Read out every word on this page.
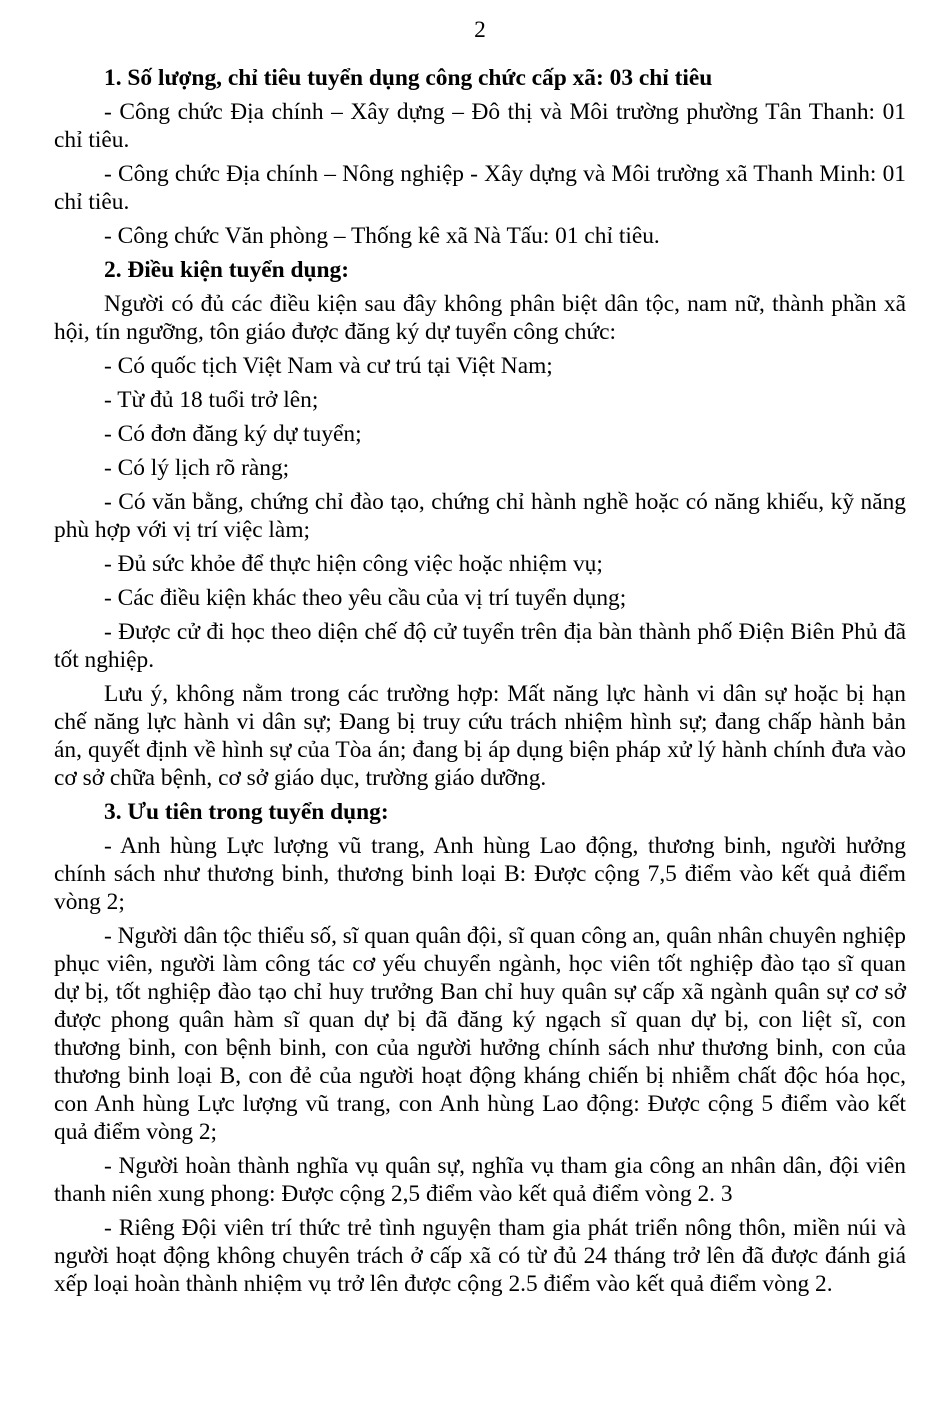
2

1. Số lượng, chỉ tiêu tuyển dụng công chức cấp xã: 03 chỉ tiêu

- Công chức Địa chính – Xây dựng – Đô thị và Môi trường phường Tân Thanh: 01 chỉ tiêu.

- Công chức Địa chính – Nông nghiệp - Xây dựng và Môi trường xã Thanh Minh: 01 chỉ tiêu.

- Công chức Văn phòng – Thống kê xã Nà Tấu: 01 chỉ tiêu.

2. Điều kiện tuyển dụng:

Người có đủ các điều kiện sau đây không phân biệt dân tộc, nam nữ, thành phần xã hội, tín ngưỡng, tôn giáo được đăng ký dự tuyển công chức:

- Có quốc tịch Việt Nam và cư trú tại Việt Nam;

- Từ đủ 18 tuổi trở lên;

- Có đơn đăng ký dự tuyển;

- Có lý lịch rõ ràng;

- Có văn bằng, chứng chỉ đào tạo, chứng chỉ hành nghề hoặc có năng khiếu, kỹ năng phù hợp với vị trí việc làm;

- Đủ sức khỏe để thực hiện công việc hoặc nhiệm vụ;

- Các điều kiện khác theo yêu cầu của vị trí tuyển dụng;

- Được cử đi học theo diện chế độ cử tuyển trên địa bàn thành phố Điện Biên Phủ đã tốt nghiệp.

Lưu ý, không nằm trong các trường hợp: Mất năng lực hành vi dân sự hoặc bị hạn chế năng lực hành vi dân sự; Đang bị truy cứu trách nhiệm hình sự; đang chấp hành bản án, quyết định về hình sự của Tòa án; đang bị áp dụng biện pháp xử lý hành chính đưa vào cơ sở chữa bệnh, cơ sở giáo dục, trường giáo dưỡng.

3. Ưu tiên trong tuyển dụng:

- Anh hùng Lực lượng vũ trang, Anh hùng Lao động, thương binh, người hưởng chính sách như thương binh, thương binh loại B: Được cộng 7,5 điểm vào kết quả điểm vòng 2;

- Người dân tộc thiểu số, sĩ quan quân đội, sĩ quan công an, quân nhân chuyên nghiệp phục viên, người làm công tác cơ yếu chuyển ngành, học viên tốt nghiệp đào tạo sĩ quan dự bị, tốt nghiệp đào tạo chỉ huy trưởng Ban chỉ huy quân sự cấp xã ngành quân sự cơ sở được phong quân hàm sĩ quan dự bị đã đăng ký ngạch sĩ quan dự bị, con liệt sĩ, con thương binh, con bệnh binh, con của người hưởng chính sách như thương binh, con của thương binh loại B, con đẻ của người hoạt động kháng chiến bị nhiễm chất độc hóa học, con Anh hùng Lực lượng vũ trang, con Anh hùng Lao động: Được cộng 5 điểm vào kết quả điểm vòng 2;

- Người hoàn thành nghĩa vụ quân sự, nghĩa vụ tham gia công an nhân dân, đội viên thanh niên xung phong: Được cộng 2,5 điểm vào kết quả điểm vòng 2. 3

- Riêng Đội viên trí thức trẻ tình nguyện tham gia phát triển nông thôn, miền núi và người hoạt động không chuyên trách ở cấp xã có từ đủ 24 tháng trở lên đã được đánh giá xếp loại hoàn thành nhiệm vụ trở lên được cộng 2.5 điểm vào kết quả điểm vòng 2.
